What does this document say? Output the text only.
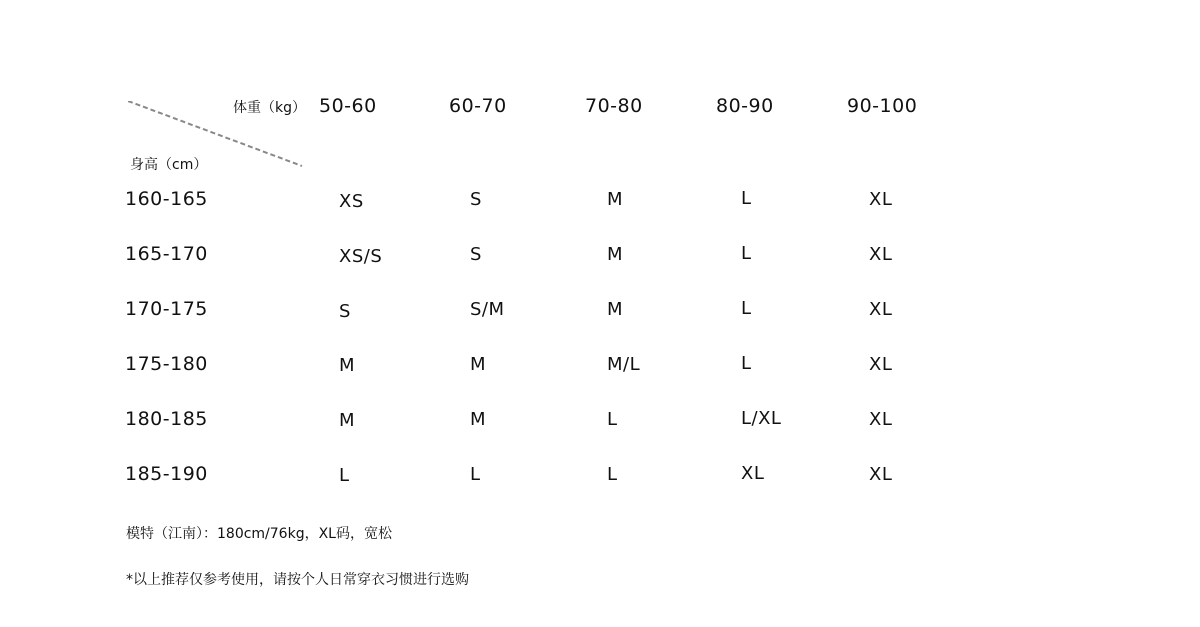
体重（kg）
身高（cm）
50-60	60-70	70-80	80-90	90-100
160-165	XS	S	M	L	XL
165-170	XS/S	S	M	L	XL
170-175	S	S/M	M	L	XL
175-180	M	M	M/L	L	XL
180-185	M	M	L	L/XL	XL
185-190	L	L	L	XL	XL
模特（江南）：180cm/76kg，XL码，宽松
*以上推荐仅参考使用，请按个人日常穿衣习惯进行选购
